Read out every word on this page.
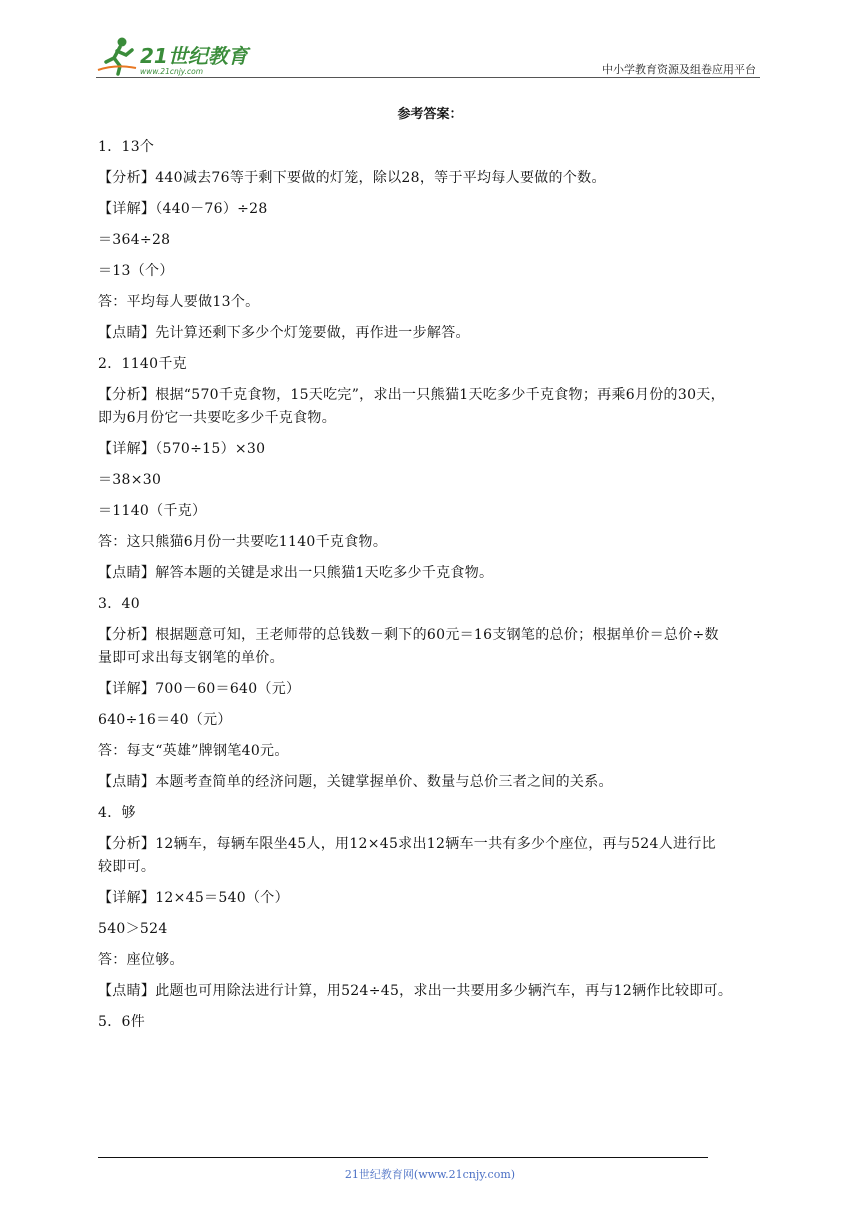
21世纪教育
www.21cnjy.com	中小学教育资源及组卷应用平台
参考答案：
1．13个
【分析】440减去76等于剩下要做的灯笼，除以28，等于平均每人要做的个数。
【详解】（440－76）÷28
＝364÷28
＝13（个）
答：平均每人要做13个。
【点睛】先计算还剩下多少个灯笼要做，再作进一步解答。
2．1140千克
【分析】根据“570千克食物，15天吃完”，求出一只熊猫1天吃多少千克食物；再乘6月份的30天，
即为6月份它一共要吃多少千克食物。
【详解】（570÷15）×30
＝38×30
＝1140（千克）
答：这只熊猫6月份一共要吃1140千克食物。
【点睛】解答本题的关键是求出一只熊猫1天吃多少千克食物。
3．40
【分析】根据题意可知，王老师带的总钱数－剩下的60元＝16支钢笔的总价；根据单价＝总价÷数
量即可求出每支钢笔的单价。
【详解】700－60＝640（元）
640÷16＝40（元）
答：每支“英雄”牌钢笔40元。
【点睛】本题考查简单的经济问题，关键掌握单价、数量与总价三者之间的关系。
4．够
【分析】12辆车，每辆车限坐45人，用12×45求出12辆车一共有多少个座位，再与524人进行比
较即可。
【详解】12×45＝540（个）
540＞524
答：座位够。
【点睛】此题也可用除法进行计算，用524÷45，求出一共要用多少辆汽车，再与12辆作比较即可。
5．6件
21世纪教育网(www.21cnjy.com)
